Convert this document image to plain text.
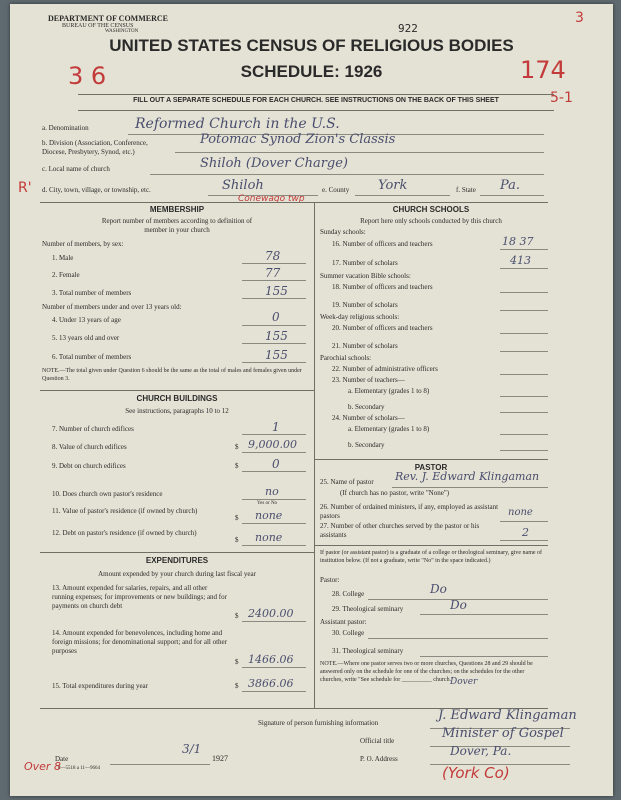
DEPARTMENT OF COMMERCE
BUREAU OF THE CENSUS
WASHINGTON	922
3
UNITED STATES CENSUS OF RELIGIOUS BODIES
SCHEDULE: 1926
3 6	174
5-1
FILL OUT A SEPARATE SCHEDULE FOR EACH CHURCH. SEE INSTRUCTIONS ON THE BACK OF THIS SHEET
a. Denomination	Reformed Church in the U.S.
b. Division (Association, Conference, Diocese, Presbytery, Synod, etc.)
Potomac Synod Zion's Classis
c. Local name of church	Shiloh (Dover Charge)
R' d. City, town, village, or township, etc.	Shiloh
Conewago twp
e. County York	f. State Pa.
MEMBERSHIP
Report number of members according to definition of
member in your church
Number of members, by sex:
1. Male	78
2. Female	77
3. Total number of members	155
Number of members under and over 13 years old:
4. Under 13 years of age	0
5. 13 years old and over	155
6. Total number of members	155
NOTE.—The total given under Question 6 should be the same as the total of males and females given under Question 3.
CHURCH BUILDINGS
See instructions, paragraphs 10 to 12
7. Number of church edifices	1
8. Value of church edifices	$ 9,000.00
9. Debt on church edifices	$	0
10. Does church own pastor's residence	no
Yes or No
11. Value of pastor's residence (if owned by church)
$ none
12. Debt on pastor's residence (if owned by church)
$ none
EXPENDITURES
Amount expended by your church during last fiscal year
13. Amount expended for salaries, repairs, and all other running expenses; for improvements or new buildings; and for payments on church debt
$ 2400.00
14. Amount expended for benevolences, including home and foreign missions; for denominational support; and for all other purposes
$ 1466.06
15. Total expenditures during year	$ 3866.06
CHURCH SCHOOLS
Report here only schools conducted by this church
Sunday schools:
16. Number of officers and teachers	18 37
17. Number of scholars	413
Summer vacation Bible schools:
18. Number of officers and teachers
19. Number of scholars
Week-day religious schools:
20. Number of officers and teachers
21. Number of scholars
Parochial schools:
22. Number of administrative officers
23. Number of teachers—
a. Elementary (grades 1 to 8)
b. Secondary
24. Number of scholars—
a. Elementary (grades 1 to 8)
b. Secondary
PASTOR
25. Name of pastor Rev. J. Edward Klingaman
(If church has no pastor, write "None")
26. Number of ordained ministers, if any, employed as assistant pastors	none
27. Number of other churches served by the pastor or his assistants	2
If pastor (or assistant pastor) is a graduate of a college or theological seminary, give name of institution below. (If not a graduate, write "No" in the space indicated.)
Pastor:
28. College	Do
29. Theological seminary	Do
Assistant pastor:
30. College
31. Theological seminary
NOTE.—Where one pastor serves two or more churches, Questions 28 and 29 should be answered only on the schedule for one of the churches; on the schedules for the other churches, write "See schedule for __________ church."
Dover
Signature of person furnishing information	J. Edward Klingaman
Official title	Minister of Gospel
Date
3/1
1927
8—5518 a 11—9664
P. O. Address
Dover, Pa.
Over 8	(York Co)
